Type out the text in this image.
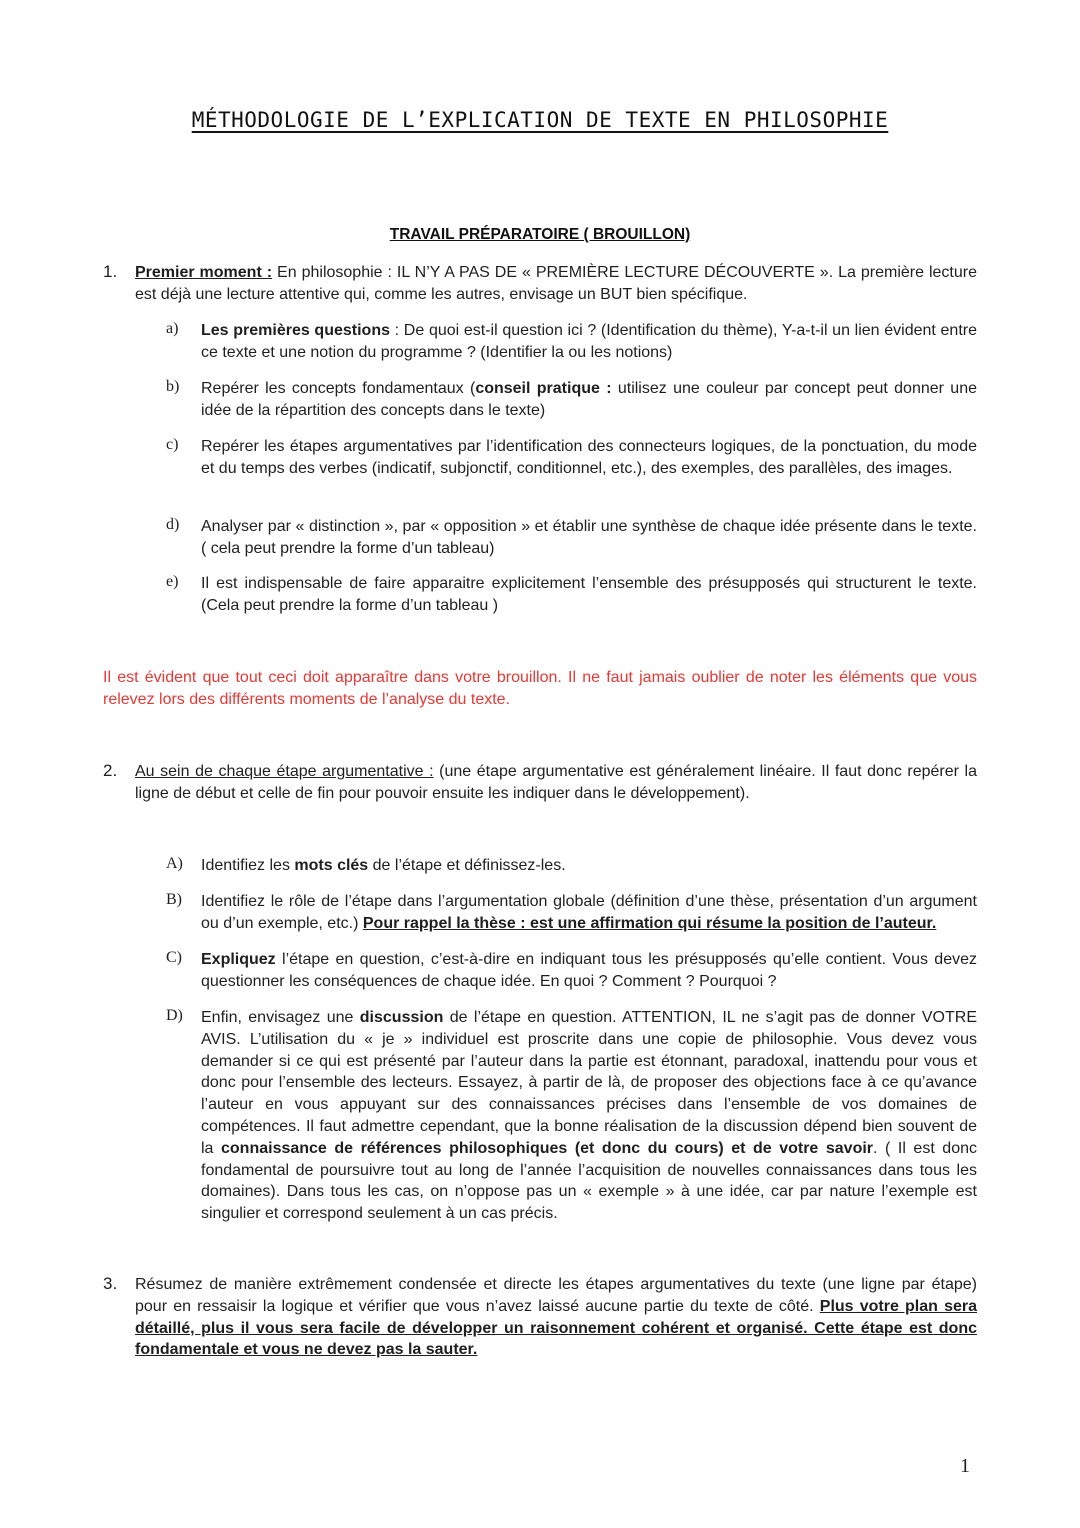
MÉTHODOLOGIE DE L’EXPLICATION DE TEXTE EN PHILOSOPHIE
TRAVAIL PRÉPARATOIRE ( BROUILLON)
1. Premier moment : En philosophie : IL N’Y A PAS DE « PREMIÈRE LECTURE DÉCOUVERTE ». La première lecture est déjà une lecture attentive qui, comme les autres, envisage un BUT bien spécifique.
a) Les premières questions : De quoi est-il question ici ? (Identification du thème), Y-a-t-il un lien évident entre ce texte et une notion du programme ? (Identifier la ou les notions)
b) Repérer les concepts fondamentaux (conseil pratique : utilisez une couleur par concept peut donner une idée de la répartition des concepts dans le texte)
c) Repérer les étapes argumentatives par l’identification des connecteurs logiques, de la ponctuation, du mode et du temps des verbes (indicatif, subjonctif, conditionnel, etc.), des exemples, des parallèles, des images.
d) Analyser par « distinction », par « opposition » et établir une synthèse de chaque idée présente dans le texte. ( cela peut prendre la forme d’un tableau)
e) Il est indispensable de faire apparaitre explicitement l’ensemble des présupposés qui structurent le texte. (Cela peut prendre la forme d’un tableau )
Il est évident que tout ceci doit apparaître dans votre brouillon. Il ne faut jamais oublier de noter les éléments que vous relevez lors des différents moments de l’analyse du texte.
2. Au sein de chaque étape argumentative : (une étape argumentative est généralement linéaire. Il faut donc repérer la ligne de début et celle de fin pour pouvoir ensuite les indiquer dans le développement).
A) Identifiez les mots clés de l’étape et définissez-les.
B) Identifiez le rôle de l’étape dans l’argumentation globale (définition d’une thèse, présentation d’un argument ou d’un exemple, etc.) Pour rappel la thèse : est une affirmation qui résume la position de l’auteur.
C) Expliquez l’étape en question, c’est-à-dire en indiquant tous les présupposés qu’elle contient. Vous devez questionner les conséquences de chaque idée. En quoi ? Comment ? Pourquoi ?
D) Enfin, envisagez une discussion de l’étape en question. ATTENTION, IL ne s’agit pas de donner VOTRE AVIS. L’utilisation du « je » individuel est proscrite dans une copie de philosophie. Vous devez vous demander si ce qui est présenté par l’auteur dans la partie est étonnant, paradoxal, inattendu pour vous et donc pour l’ensemble des lecteurs. Essayez, à partir de là, de proposer des objections face à ce qu’avance l’auteur en vous appuyant sur des connaissances précises dans l’ensemble de vos domaines de compétences. Il faut admettre cependant, que la bonne réalisation de la discussion dépend bien souvent de la connaissance de références philosophiques (et donc du cours) et de votre savoir. ( Il est donc fondamental de poursuivre tout au long de l’année l’acquisition de nouvelles connaissances dans tous les domaines). Dans tous les cas, on n’oppose pas un « exemple » à une idée, car par nature l’exemple est singulier et correspond seulement à un cas précis.
3. Résumez de manière extrêmement condensée et directe les étapes argumentatives du texte (une ligne par étape) pour en ressaisir la logique et vérifier que vous n’avez laissé aucune partie du texte de côté. Plus votre plan sera détaillé, plus il vous sera facile de développer un raisonnement cohérent et organisé. Cette étape est donc fondamentale et vous ne devez pas la sauter.
1
